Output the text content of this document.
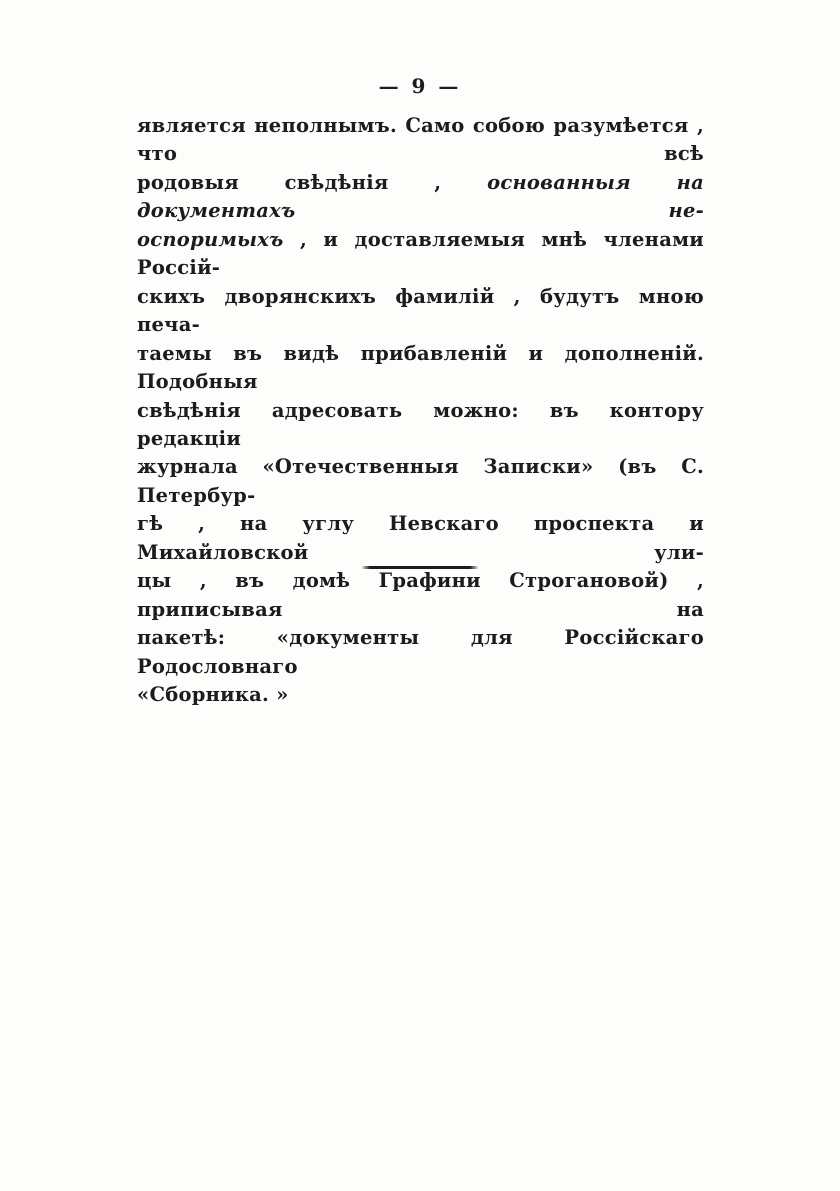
— 9 —
является неполнымъ. Само собою разумѣется , что всѣ
родовыя свѣдѣнія , основанныя на документахъ не-
оспоримыхъ , и доставляемыя мнѣ членами Россій-
скихъ дворянскихъ фамилій , будутъ мною печа-
таемы въ видѣ прибавленій и дополненій. Подобныя
свѣдѣнія адресовать можно: въ контору редакціи
журнала «Отечественныя Записки» (въ С. Петербур-
гѣ , на углу Невскаго проспекта и Михайловской ули-
цы , въ домѣ Графини Строгановой) , приписывая на
пакетѣ: «документы для Россійскаго Родословнаго
«Сборника. »
